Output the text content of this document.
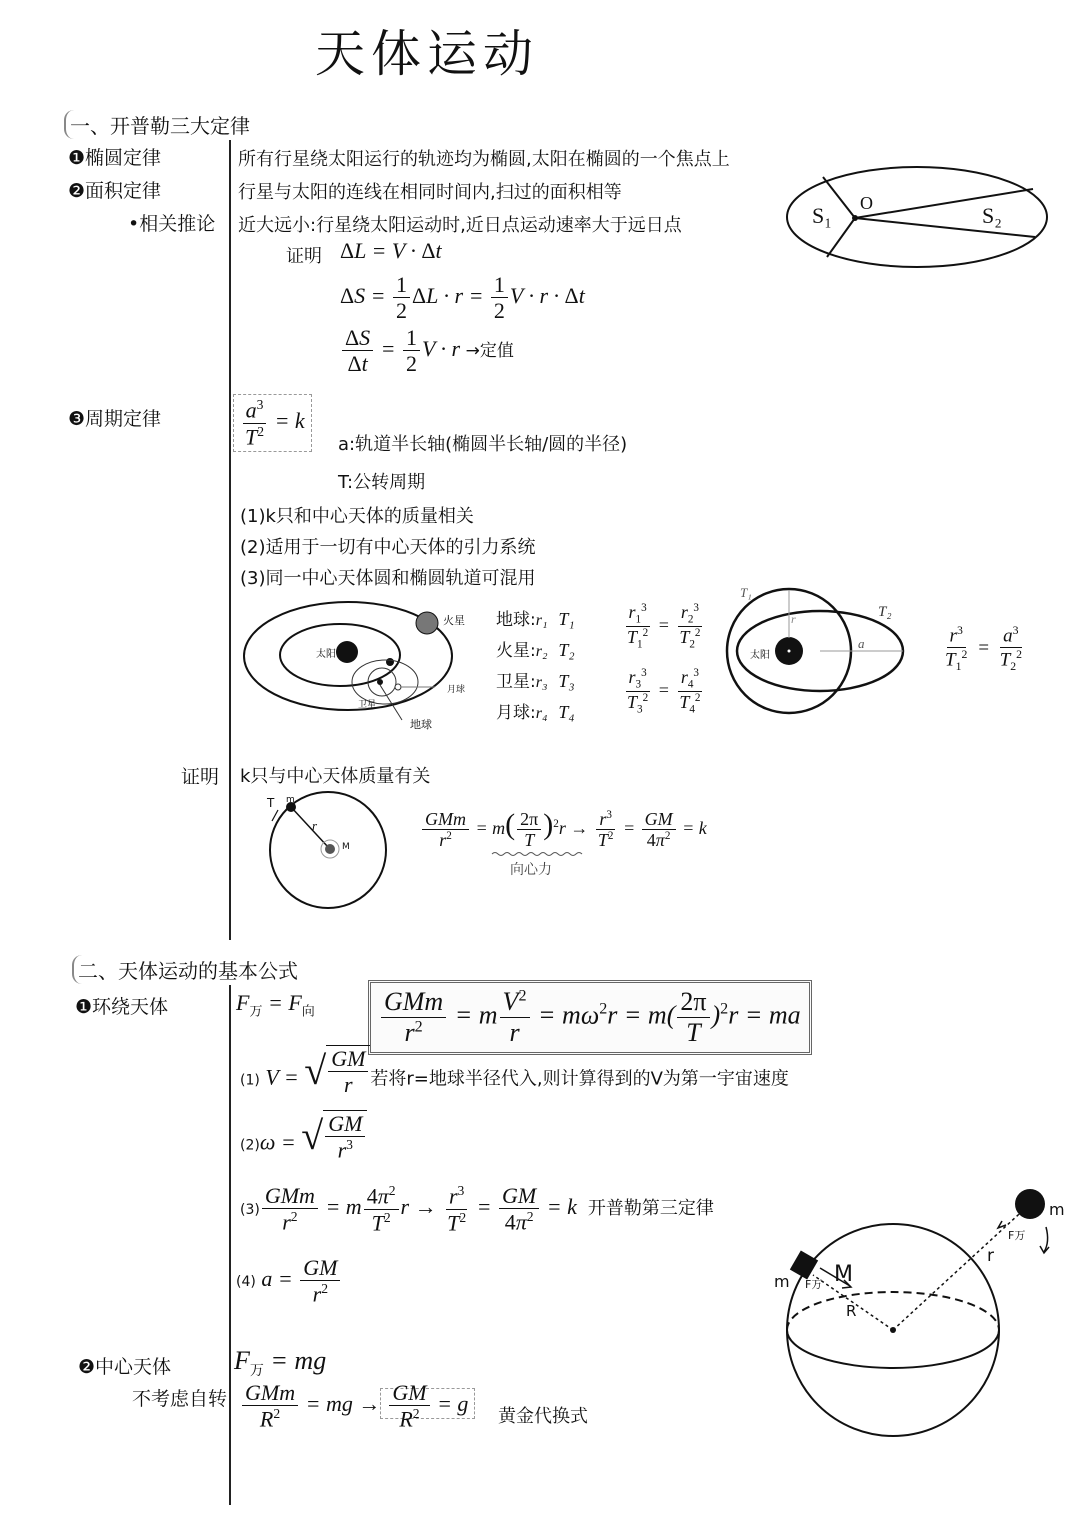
天体运动
一、开普勒三大定律
❶椭圆定律	所有行星绕太阳运行的轨迹均为椭圆,太阳在椭圆的一个焦点上
❷面积定律	行星与太阳的连线在相同时间内,扫过的面积相等
•相关推论 近大远小:行星绕太阳运动时,近日点运动速率大于远日点
O
S₁	S₂
证明 ΔL = V · Δt
$\Delta S = \frac{1}{2}$ $\Delta L \cdot r = \frac{1}{2}$ V · r · Δt
$\frac{\Delta S}{\Delta t} = \frac{1}{2}$ V · r →定值
❸周期定律	$\frac{a^3}{T^2} = k$
a:轨道半长轴(椭圆半长轴/圆的半径)
T:公转周期
(1)k只和中心天体的质量相关
(2)适用于一切有中心天体的引力系统
(3)同一中心天体圆和椭圆轨道可混用
太阳
火星
月球
卫星
地球
地球:r₁ T₁
火星:r₂ T₂
卫星:r₃ T₃
月球:r₄ T₄
$\frac{r_1^3}{T_1^2} = \frac{r_2^3}{T_2^2}$
$\frac{r_3^3}{T_3^2} = \frac{r_4^3}{T_4^2}$
T₁
T₂
r
a
太阳	$\frac{r^3}{T_1^2} = \frac{a^3}{T_2^2}$
证明 k只与中心天体质量有关
T m
r
M	$\frac{\text{GMm}}{r^2} = m( \frac{2\pi}{T} )^2r \to \frac{r^3}{T^2} = \frac{GM}{4\pi^2} = k$
向心力
二、天体运动的基本公式
❶环绕天体	$F_万 = F_向$	$\frac{\text{GMm}}{r^2} = m \frac{V^2}{r} = m\omega^2r = m( \frac{2\pi}{T} )^2r$ = ma
(1) V = √ $\frac{GM}{r}$ 若将r=地球半径代入,则计算得到的V为第一宇宙速度
(2)ω = √ $\frac{GM}{r^3}$
$(3) \frac{\text{GMm}}{r^2} = m \frac{4\pi^2}{T^2}$ $r \to \frac{r^3}{T^2} = \frac{GM}{4\pi^2} = k$  开普勒第三定律
(4) $a = \frac{GM}{r^2}$
❷中心天体
不考虑自转
$F_万$ = mg
$\frac{\text{GMm}}{R^2}$ = mg → $\frac{GM}{R^2} = g$
黄金代换式
m F万 M
R
m
F万
r
